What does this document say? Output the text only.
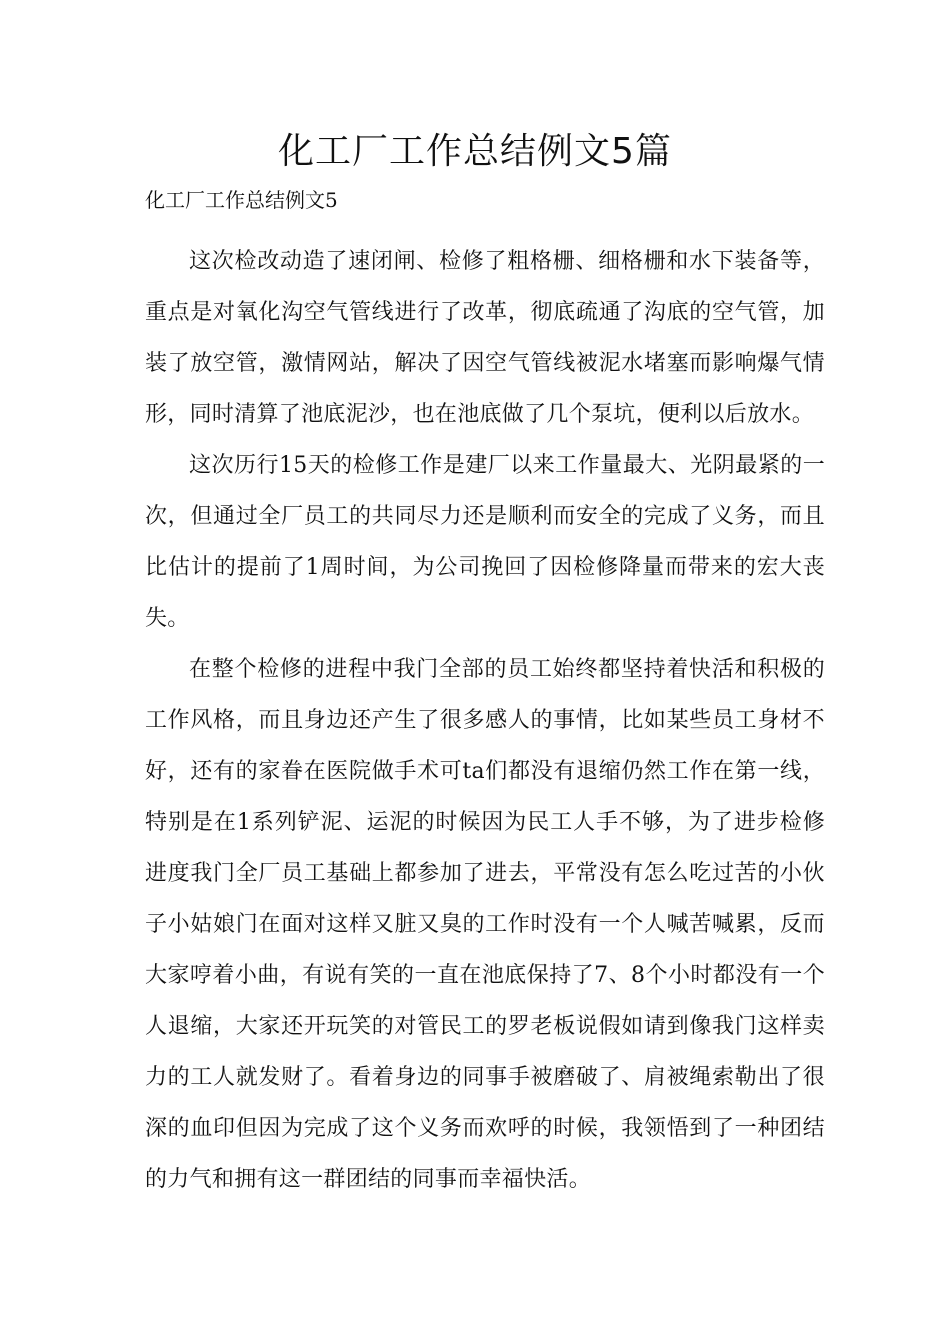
化工厂工作总结例文5篇

化工厂工作总结例文5

这次检改动造了速闭闸、检修了粗格栅、细格栅和水下装备等，重点是对氧化沟空气管线进行了改革，彻底疏通了沟底的空气管，加装了放空管，激情网站，解决了因空气管线被泥水堵塞而影响爆气情形，同时清算了池底泥沙，也在池底做了几个泵坑，便利以后放水。

这次历行15天的检修工作是建厂以来工作量最大、光阴最紧的一次，但通过全厂员工的共同尽力还是顺利而安全的完成了义务，而且比估计的提前了1周时间，为公司挽回了因检修降量而带来的宏大丧失。

在整个检修的进程中我门全部的员工始终都坚持着快活和积极的工作风格，而且身边还产生了很多感人的事情，比如某些员工身材不好，还有的家眷在医院做手术可ta们都没有退缩仍然工作在第一线，特别是在1系列铲泥、运泥的时候因为民工人手不够，为了进步检修进度我门全厂员工基础上都参加了进去，平常没有怎么吃过苦的小伙子小姑娘门在面对这样又脏又臭的工作时没有一个人喊苦喊累，反而大家哼着小曲，有说有笑的一直在池底保持了7、8个小时都没有一个人退缩，大家还开玩笑的对管民工的罗老板说假如请到像我门这样卖力的工人就发财了。看着身边的同事手被磨破了、肩被绳索勒出了很深的血印但因为完成了这个义务而欢呼的时候，我领悟到了一种团结的力气和拥有这一群团结的同事而幸福快活。
